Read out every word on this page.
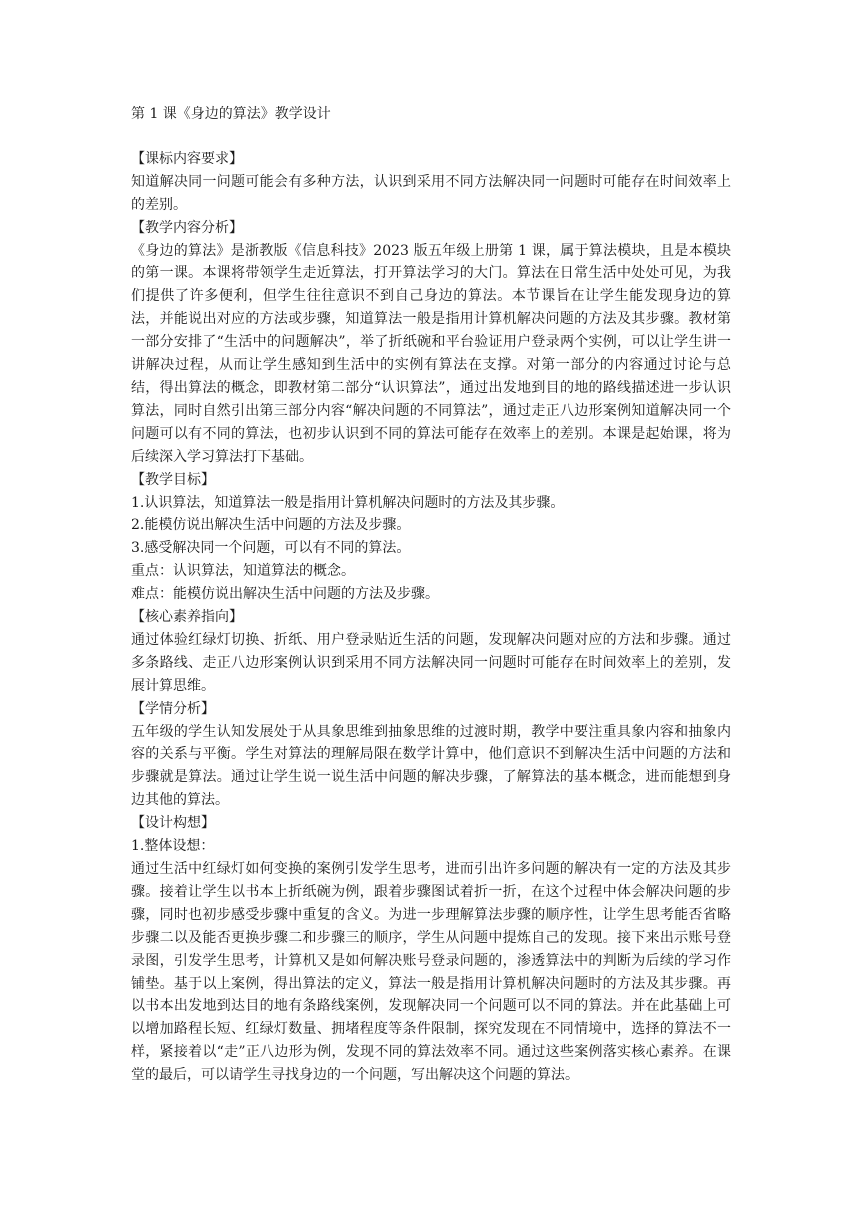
第 1 课《身边的算法》教学设计

【课标内容要求】

知道解决同一问题可能会有多种方法，认识到采用不同方法解决同一问题时可能存在时间效率上的差别。

【教学内容分析】

《身边的算法》是浙教版《信息科技》2023 版五年级上册第 1 课，属于算法模块，且是本模块的第一课。本课将带领学生走近算法，打开算法学习的大门。算法在日常生活中处处可见，为我们提供了许多便利，但学生往往意识不到自己身边的算法。本节课旨在让学生能发现身边的算法，并能说出对应的方法或步骤，知道算法一般是指用计算机解决问题的方法及其步骤。教材第一部分安排了“生活中的问题解决”，举了折纸碗和平台验证用户登录两个实例，可以让学生讲一讲解决过程，从而让学生感知到生活中的实例有算法在支撑。对第一部分的内容通过讨论与总结，得出算法的概念，即教材第二部分“认识算法”，通过出发地到目的地的路线描述进一步认识算法，同时自然引出第三部分内容“解决问题的不同算法”，通过走正八边形案例知道解决同一个问题可以有不同的算法，也初步认识到不同的算法可能存在效率上的差别。本课是起始课，将为后续深入学习算法打下基础。

【教学目标】

1.认识算法，知道算法一般是指用计算机解决问题时的方法及其步骤。

2.能模仿说出解决生活中问题的方法及步骤。

3.感受解决同一个问题，可以有不同的算法。

重点：认识算法，知道算法的概念。

难点：能模仿说出解决生活中问题的方法及步骤。

【核心素养指向】

通过体验红绿灯切换、折纸、用户登录贴近生活的问题，发现解决问题对应的方法和步骤。通过多条路线、走正八边形案例认识到采用不同方法解决同一问题时可能存在时间效率上的差别，发展计算思维。

【学情分析】

五年级的学生认知发展处于从具象思维到抽象思维的过渡时期，教学中要注重具象内容和抽象内容的关系与平衡。学生对算法的理解局限在数学计算中，他们意识不到解决生活中问题的方法和步骤就是算法。通过让学生说一说生活中问题的解决步骤，了解算法的基本概念，进而能想到身边其他的算法。

【设计构想】

1.整体设想：

通过生活中红绿灯如何变换的案例引发学生思考，进而引出许多问题的解决有一定的方法及其步骤。接着让学生以书本上折纸碗为例，跟着步骤图试着折一折，在这个过程中体会解决问题的步骤，同时也初步感受步骤中重复的含义。为进一步理解算法步骤的顺序性，让学生思考能否省略步骤二以及能否更换步骤二和步骤三的顺序，学生从问题中提炼自己的发现。接下来出示账号登录图，引发学生思考，计算机又是如何解决账号登录问题的，渗透算法中的判断为后续的学习作铺垫。基于以上案例，得出算法的定义，算法一般是指用计算机解决问题时的方法及其步骤。再以书本出发地到达目的地有条路线案例，发现解决同一个问题可以不同的算法。并在此基础上可以增加路程长短、红绿灯数量、拥堵程度等条件限制，探究发现在不同情境中，选择的算法不一样，紧接着以“走”正八边形为例，发现不同的算法效率不同。通过这些案例落实核心素养。在课堂的最后，可以请学生寻找身边的一个问题，写出解决这个问题的算法。
